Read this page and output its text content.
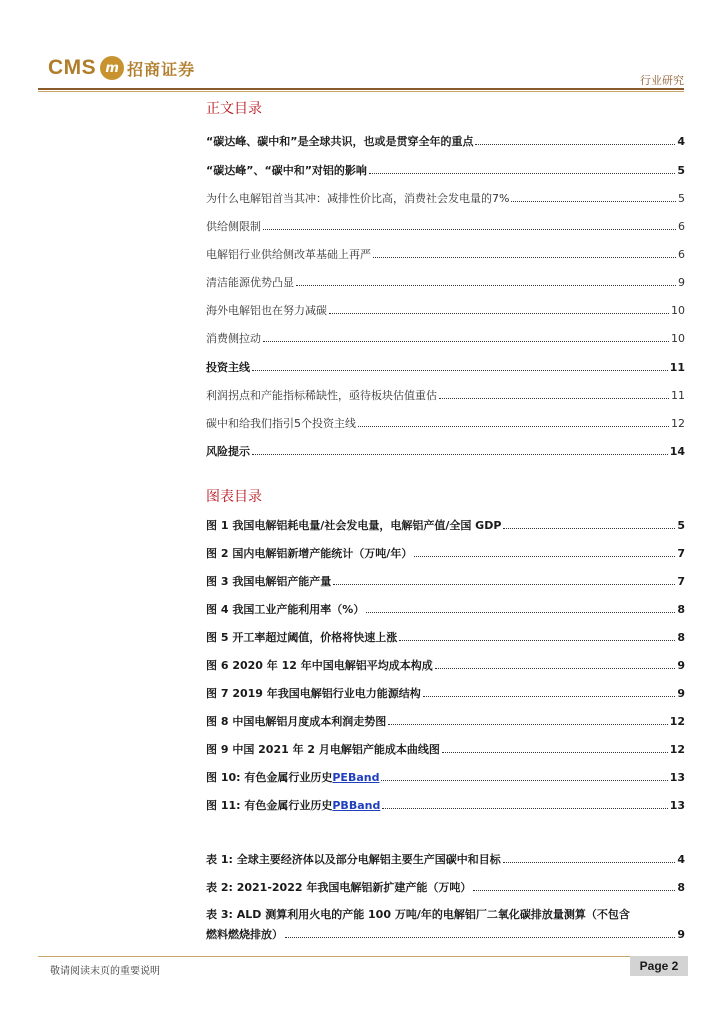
CMS m 招商证券
行业研究
正文目录
“碳达峰、碳中和”是全球共识，也或是贯穿全年的重点	4
“碳达峰”、“碳中和”对铝的影响	5
为什么电解铝首当其冲：减排性价比高，消费社会发电量的7%	5
供给侧限制	6
电解铝行业供给侧改革基础上再严	6
清洁能源优势凸显	9
海外电解铝也在努力减碳	10
消费侧拉动	10
投资主线	11
利润拐点和产能指标稀缺性，亟待板块估值重估	11
碳中和给我们指引5个投资主线	12
风险提示	14
图表目录
图 1 我国电解铝耗电量/社会发电量，电解铝产值/全国 GDP	5
图 2 国内电解铝新增产能统计（万吨/年）	7
图 3 我国电解铝产能产量	7
图 4 我国工业产能利用率（%）	8
图 5 开工率超过阈值，价格将快速上涨	8
图 6 2020 年 12 年中国电解铝平均成本构成	9
图 7 2019 年我国电解铝行业电力能源结构	9
图 8 中国电解铝月度成本利润走势图	12
图 9 中国 2021 年 2 月电解铝产能成本曲线图	12
图 10: 有色金属行业历史PEBand	13
图 11: 有色金属行业历史PBBand	13
表 1: 全球主要经济体以及部分电解铝主要生产国碳中和目标	4
表 2: 2021-2022 年我国电解铝新扩建产能（万吨）	8
表 3: ALD 测算利用火电的产能 100 万吨/年的电解铝厂二氧化碳排放量测算（不包含
燃料燃烧排放）	9
敬请阅读末页的重要说明	Page 2
